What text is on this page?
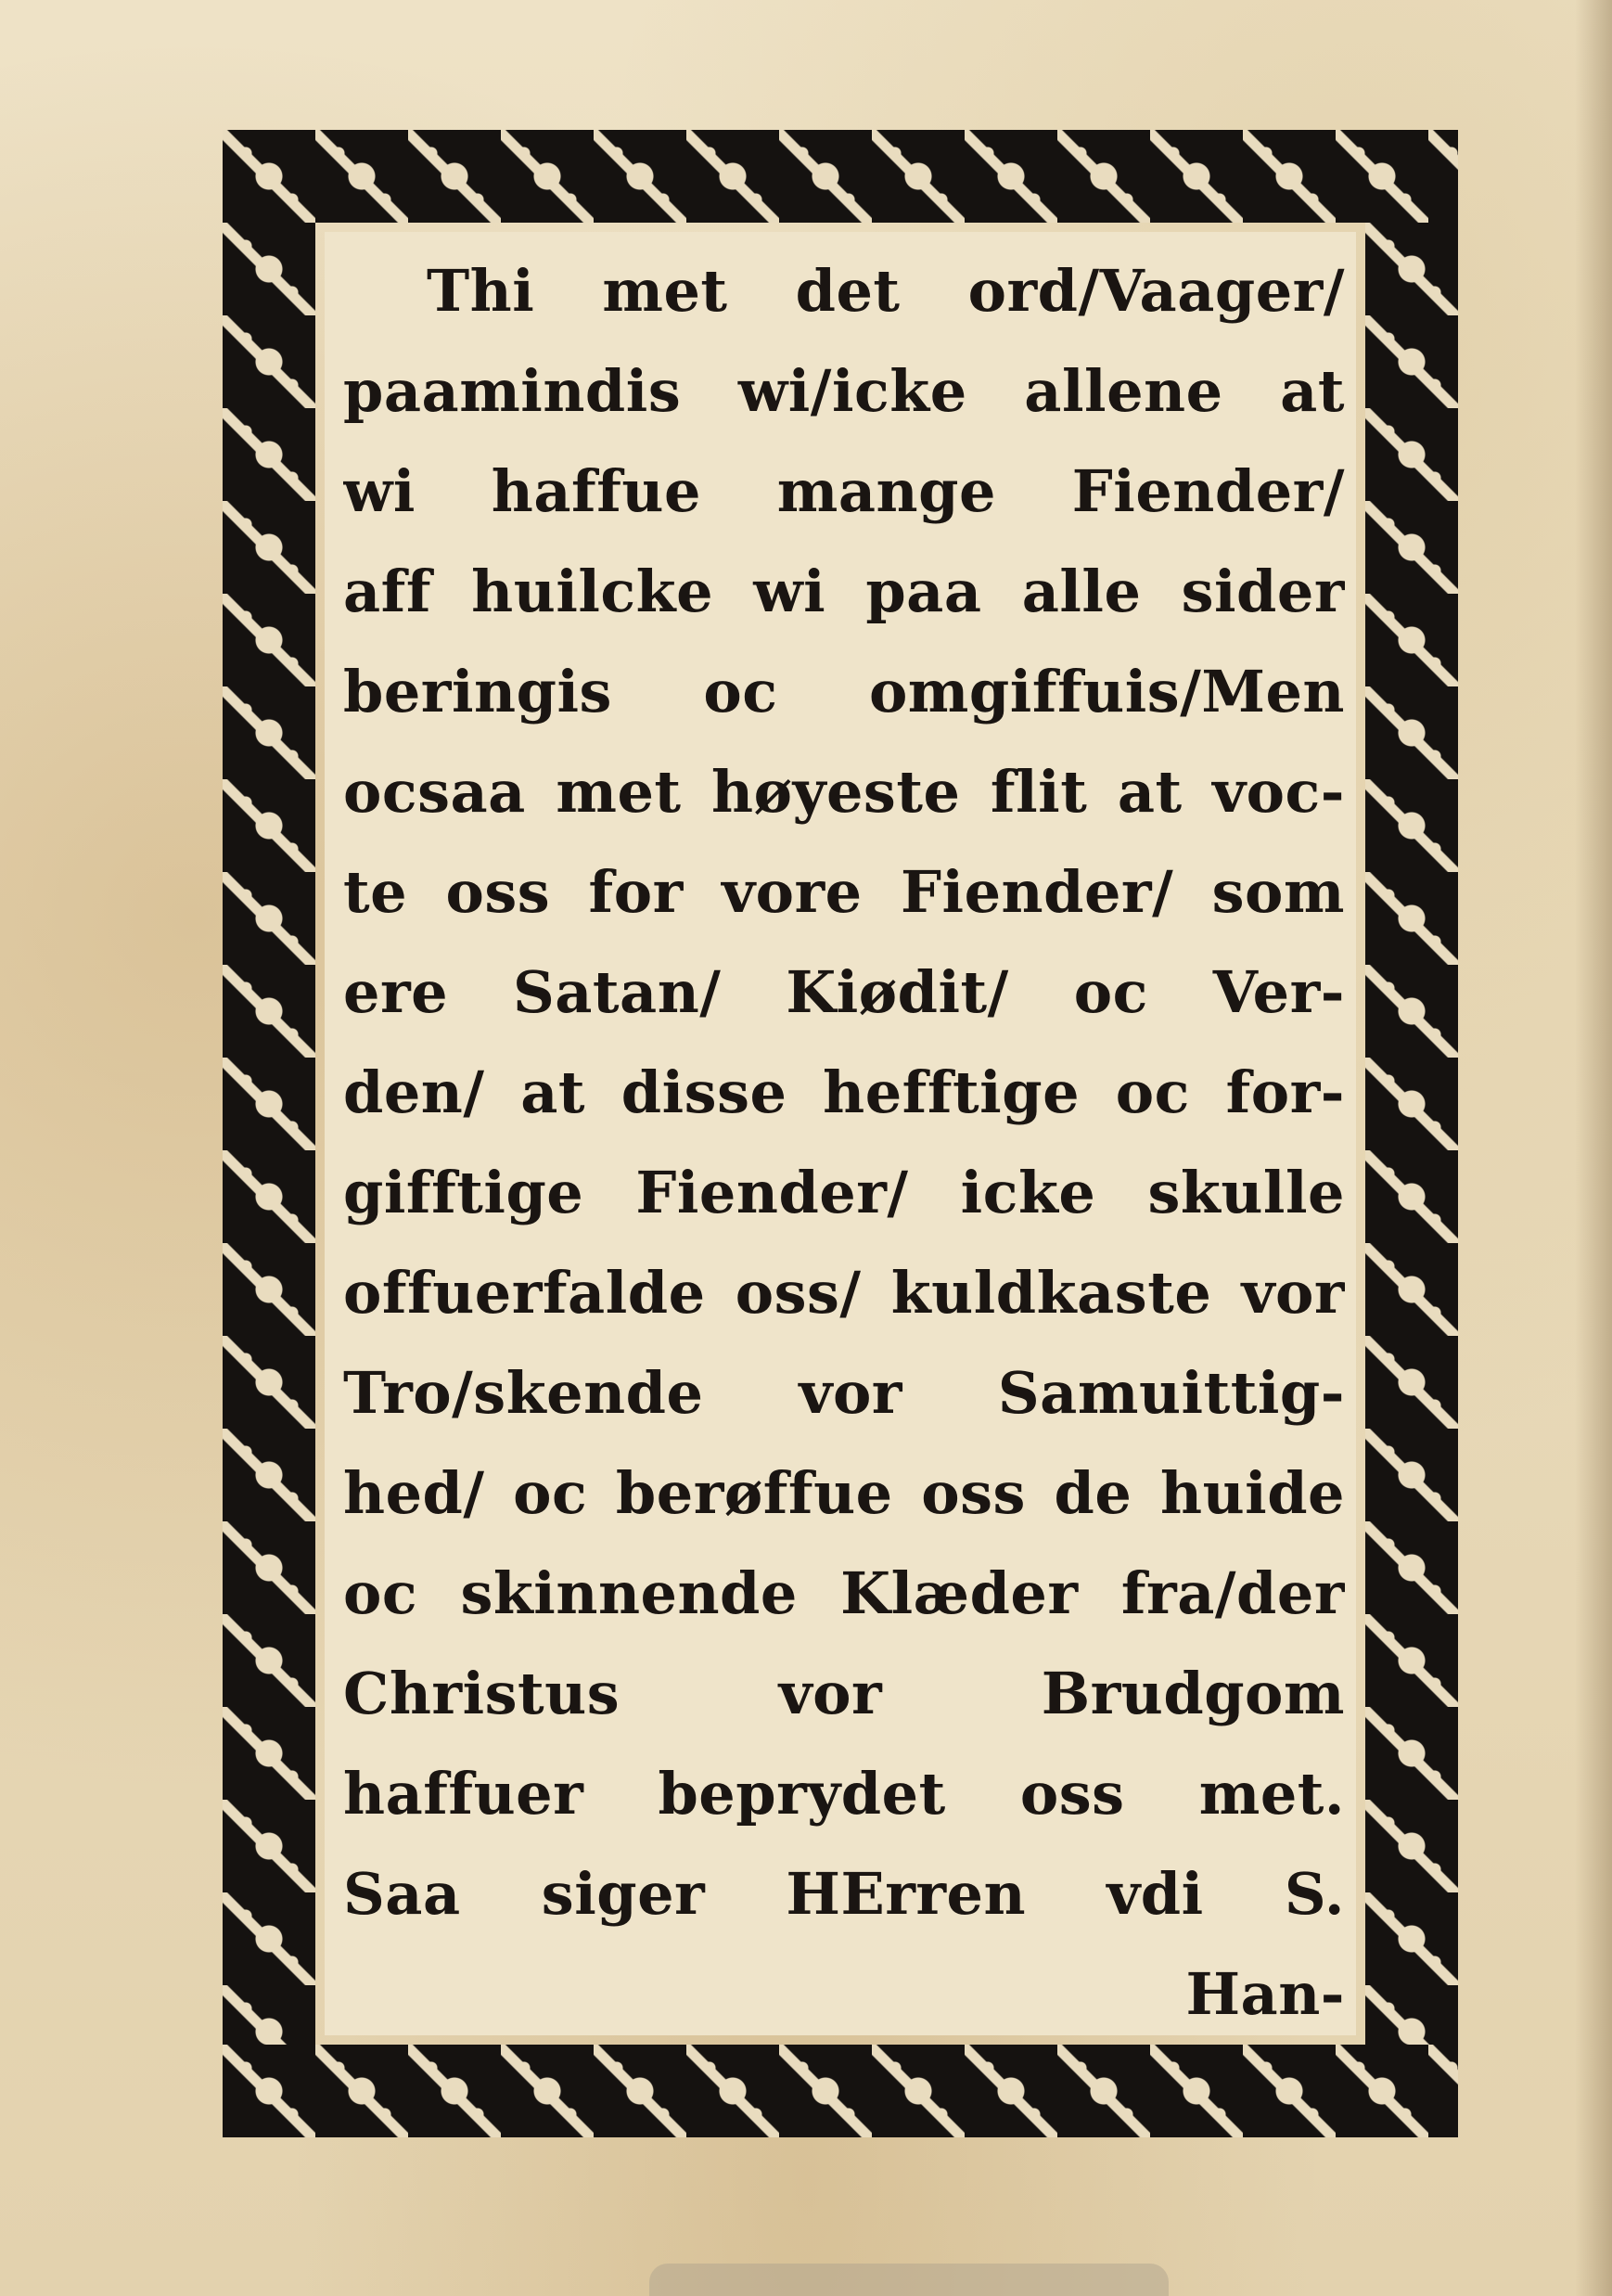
Thi met det ord/Vaager/
paamindis wi/icke allene at
wi haffue mange Fiender/
aff huilcke wi paa alle sider
beringis oc omgiffuis/Men
ocsaa met høyeste flit at voc-
te oss for vore Fiender/ som
ere Satan/ Kiødit/ oc Ver-
den/ at disse hefftige oc for-
gifftige Fiender/ icke skulle
offuerfalde oss/ kuldkaste vor
Tro/skende vor Samuittig-
hed/ oc berøffue oss de huide
oc skinnende Klæder fra/der
Christus vor Brudgom
haffuer beprydet oss met.
Saa siger HErren vdi S.
Han-
